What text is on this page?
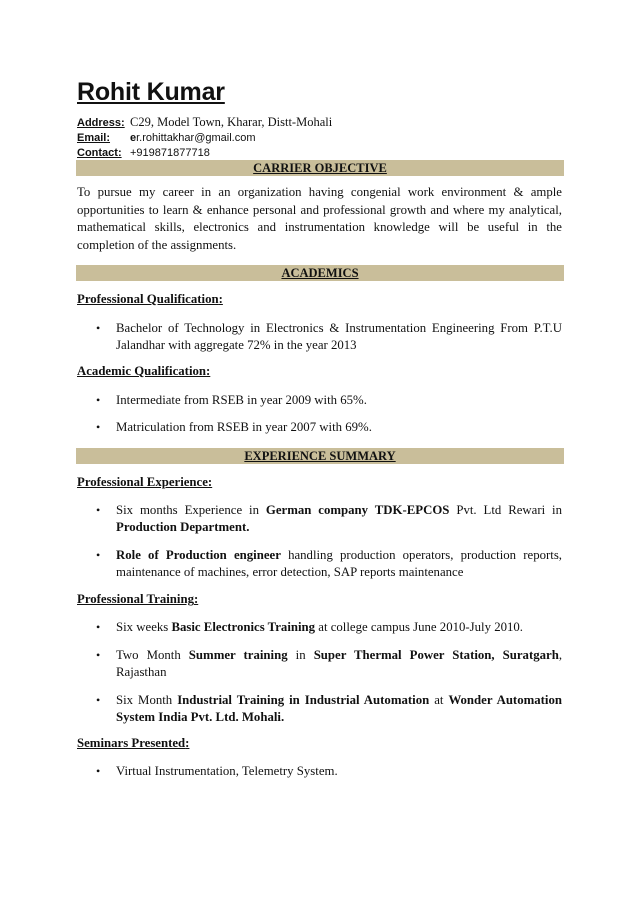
Rohit Kumar
Address: C29, Model Town, Kharar, Distt-Mohali
Email: er.rohittakhar@gmail.com
Contact: +919871877718
CARRIER OBJECTIVE

To pursue my career in an organization having congenial work environment & ample opportunities to learn & enhance personal and professional growth and where my analytical, mathematical skills, electronics and instrumentation knowledge will be useful in the completion of the assignments.

ACADEMICS
Professional Qualification:
• Bachelor of Technology in Electronics & Instrumentation Engineering From P.T.U Jalandhar with aggregate 72% in the year 2013
Academic Qualification:
• Intermediate from RSEB in year 2009 with 65%.
• Matriculation from RSEB in year 2007 with 69%.
EXPERIENCE SUMMARY
Professional Experience:
• Six months Experience in German company TDK-EPCOS Pvt. Ltd Rewari in Production Department.
• Role of Production engineer handling production operators, production reports, maintenance of machines, error detection, SAP reports maintenance
Professional Training:
• Six weeks Basic Electronics Training at college campus June 2010-July 2010.
• Two Month Summer training in Super Thermal Power Station, Suratgarh, Rajasthan
• Six Month Industrial Training in Industrial Automation at Wonder Automation System India Pvt. Ltd. Mohali.
Seminars Presented:
• Virtual Instrumentation, Telemetry System.
